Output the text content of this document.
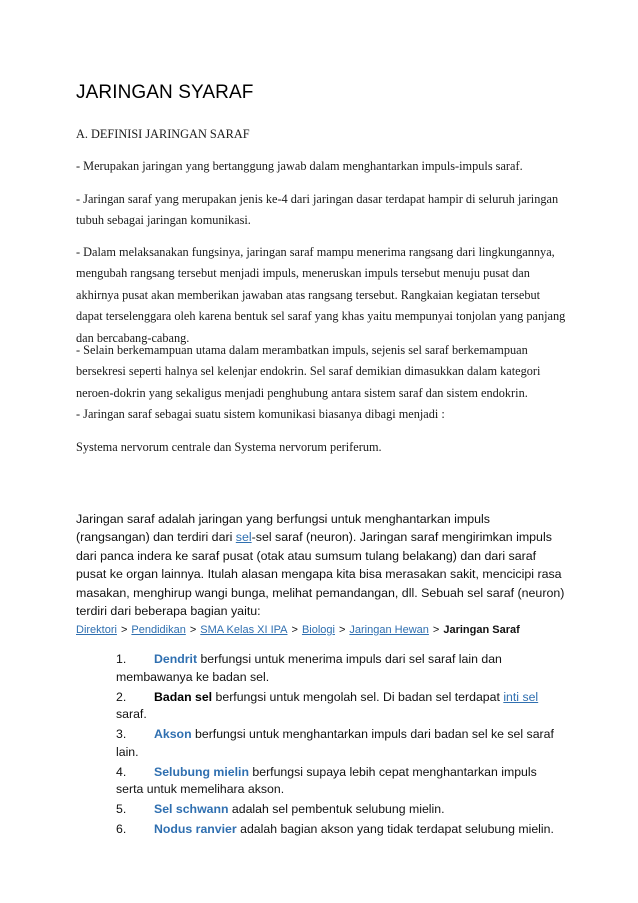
JARINGAN SYARAF

A. DEFINISI JARINGAN SARAF

- Merupakan jaringan yang bertanggung jawab dalam menghantarkan impuls-impuls saraf.

- Jaringan saraf yang merupakan jenis ke-4 dari jaringan dasar terdapat hampir di seluruh jaringan tubuh sebagai jaringan komunikasi.

- Dalam melaksanakan fungsinya, jaringan saraf mampu menerima rangsang dari lingkungannya, mengubah rangsang tersebut menjadi impuls, meneruskan impuls tersebut menuju pusat dan akhirnya pusat akan memberikan jawaban atas rangsang tersebut. Rangkaian kegiatan tersebut dapat terselenggara oleh karena bentuk sel saraf yang khas yaitu mempunyai tonjolan yang panjang dan bercabang-cabang.

- Selain berkemampuan utama dalam merambatkan impuls, sejenis sel saraf berkemampuan bersekresi seperti halnya sel kelenjar endokrin. Sel saraf demikian dimasukkan dalam kategori neroen-dokrin yang sekaligus menjadi penghubung antara sistem saraf dan sistem endokrin.

- Jaringan saraf sebagai suatu sistem komunikasi biasanya dibagi menjadi :

Systema nervorum centrale dan Systema nervorum periferum.

Jaringan saraf adalah jaringan yang berfungsi untuk menghantarkan impuls (rangsangan) dan terdiri dari sel-sel saraf (neuron). Jaringan saraf mengirimkan impuls dari panca indera ke saraf pusat (otak atau sumsum tulang belakang) dan dari saraf pusat ke organ lainnya. Itulah alasan mengapa kita bisa merasakan sakit, mencicipi rasa masakan, menghirup wangi bunga, melihat pemandangan, dll. Sebuah sel saraf (neuron) terdiri dari beberapa bagian yaitu:

Direktori > Pendidikan > SMA Kelas XI IPA > Biologi > Jaringan Hewan > Jaringan Saraf
1.	Dendrit berfungsi untuk menerima impuls dari sel saraf lain dan membawanya ke badan sel.
2.	Badan sel berfungsi untuk mengolah sel. Di badan sel terdapat inti sel saraf.
3.	Akson berfungsi untuk menghantarkan impuls dari badan sel ke sel saraf lain.
4.	Selubung mielin berfungsi supaya lebih cepat menghantarkan impuls serta untuk memelihara akson.
5.	Sel schwann adalah sel pembentuk selubung mielin.
6.	Nodus ranvier adalah bagian akson yang tidak terdapat selubung mielin.
